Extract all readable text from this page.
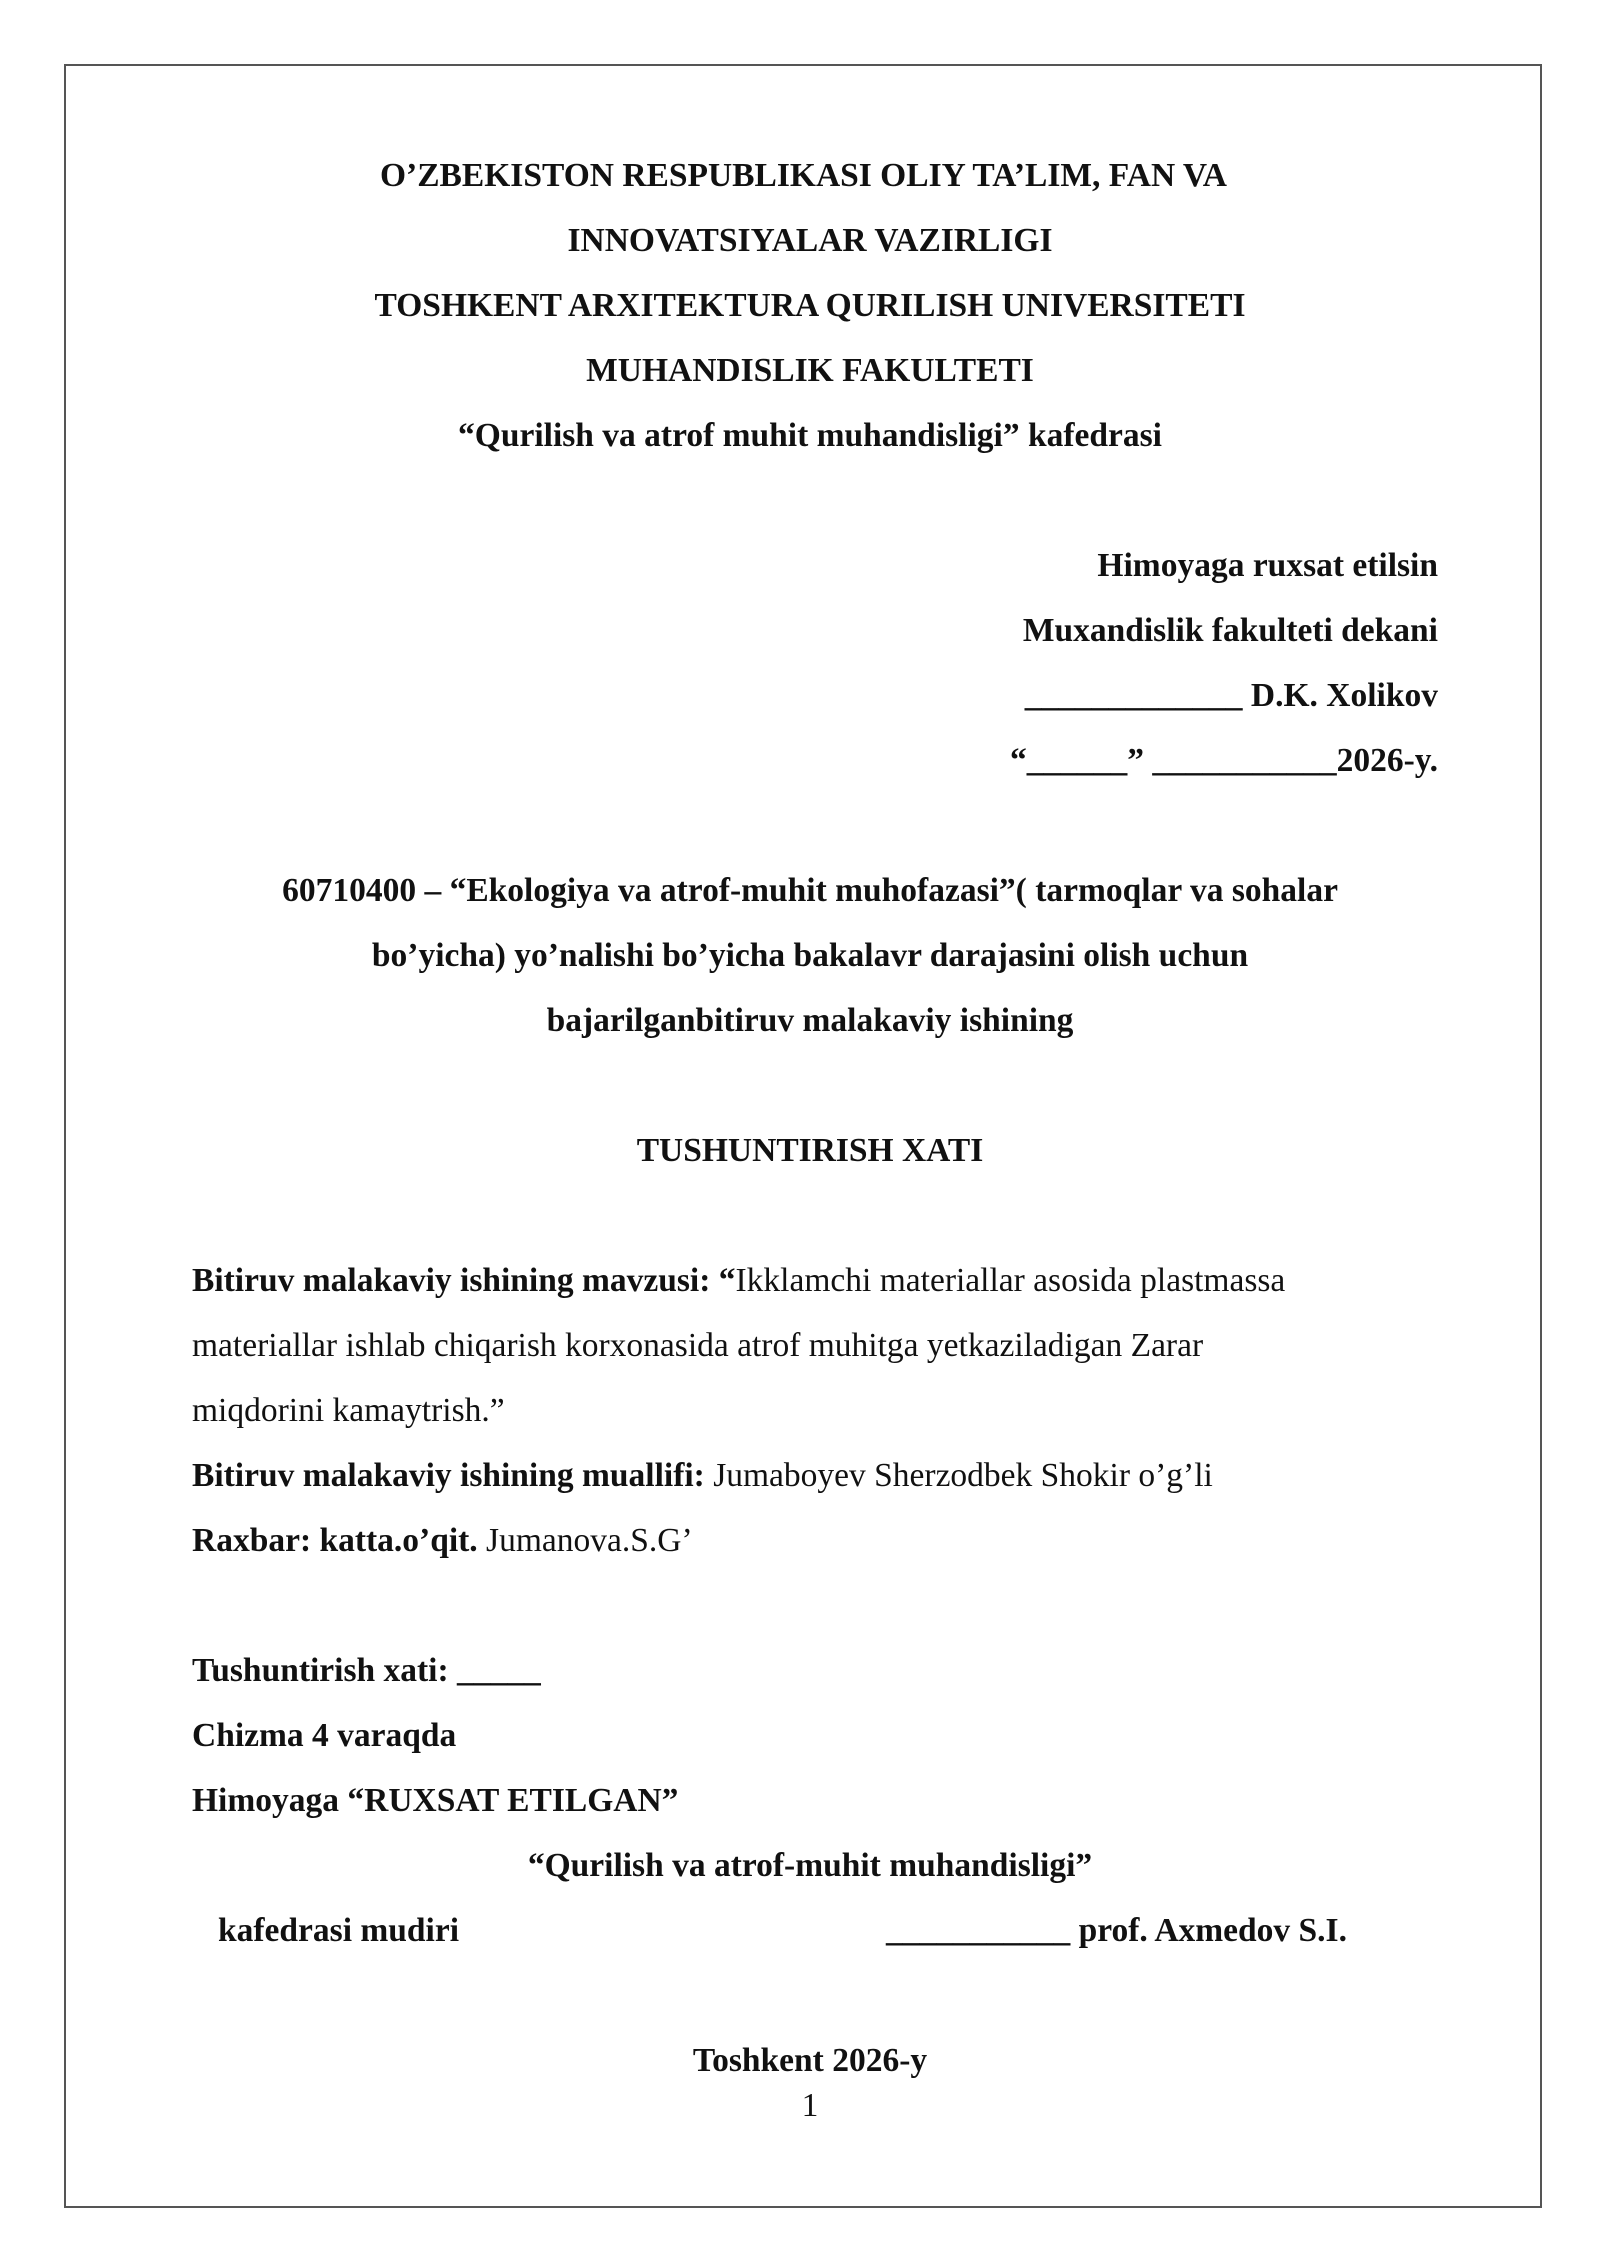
O’ZBEKISTON RESPUBLIKASI OLIY TA’LIM, FAN VA
INNOVATSIYALAR VAZIRLIGI
TOSHKENT ARXITEKTURA QURILISH UNIVERSITETI
MUHANDISLIK FAKULTETI
“Qurilish va atrof muhit muhandisligi” kafedrasi
Himoyaga ruxsat etilsin
Muxandislik fakulteti dekani
_____________ D.K. Xolikov
“______” ___________2026-y.
60710400 – “Ekologiya va atrof-muhit muhofazasi”( tarmoqlar va sohalar
bo’yicha) yo’nalishi bo’yicha bakalavr darajasini olish uchun
bajarilganbitiruv malakaviy ishining
TUSHUNTIRISH XATI
Bitiruv malakaviy ishining mavzusi: “Ikklamchi materiallar asosida plastmassa
materiallar ishlab chiqarish korxonasida atrof muhitga yetkaziladigan Zarar
miqdorini kamaytrish.”
Bitiruv malakaviy ishining muallifi: Jumaboyev Sherzodbek Shokir o’g’li
Raxbar: katta.o’qit. Jumanova.S.G’
Tushuntirish xati: _____
Chizma 4 varaqda
Himoyaga “RUXSAT ETILGAN”
“Qurilish va atrof-muhit muhandisligi”
kafedrasi mudiri	___________ prof. Axmedov S.I.
Toshkent 2026-y
1
